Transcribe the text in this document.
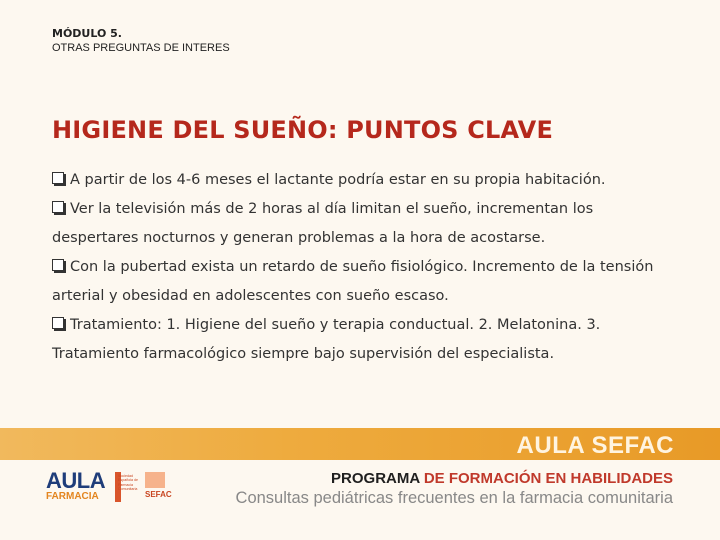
MÓDULO 5.
OTRAS PREGUNTAS DE INTERES
HIGIENE DEL SUEÑO: PUNTOS CLAVE

A partir de los 4-6 meses el lactante podría estar en su propia habitación.

Ver la televisión más de 2 horas al día limitan el sueño, incrementan los despertares nocturnos y generan problemas a la hora de acostarse.

Con la pubertad exista un retardo de sueño fisiológico. Incremento de la tensión arterial y obesidad en adolescentes con sueño escaso.

Tratamiento: 1. Higiene del sueño y terapia conductual. 2. Melatonina. 3. Tratamiento farmacológico siempre bajo supervisión del especialista.

AULA SEFAC
AULA
FARMACIA
Sociedad Española de Farmacia Comunitaria
SEFAC
PROGRAMA DE FORMACIÓN EN HABILIDADES
Consultas pediátricas frecuentes en la farmacia comunitaria
